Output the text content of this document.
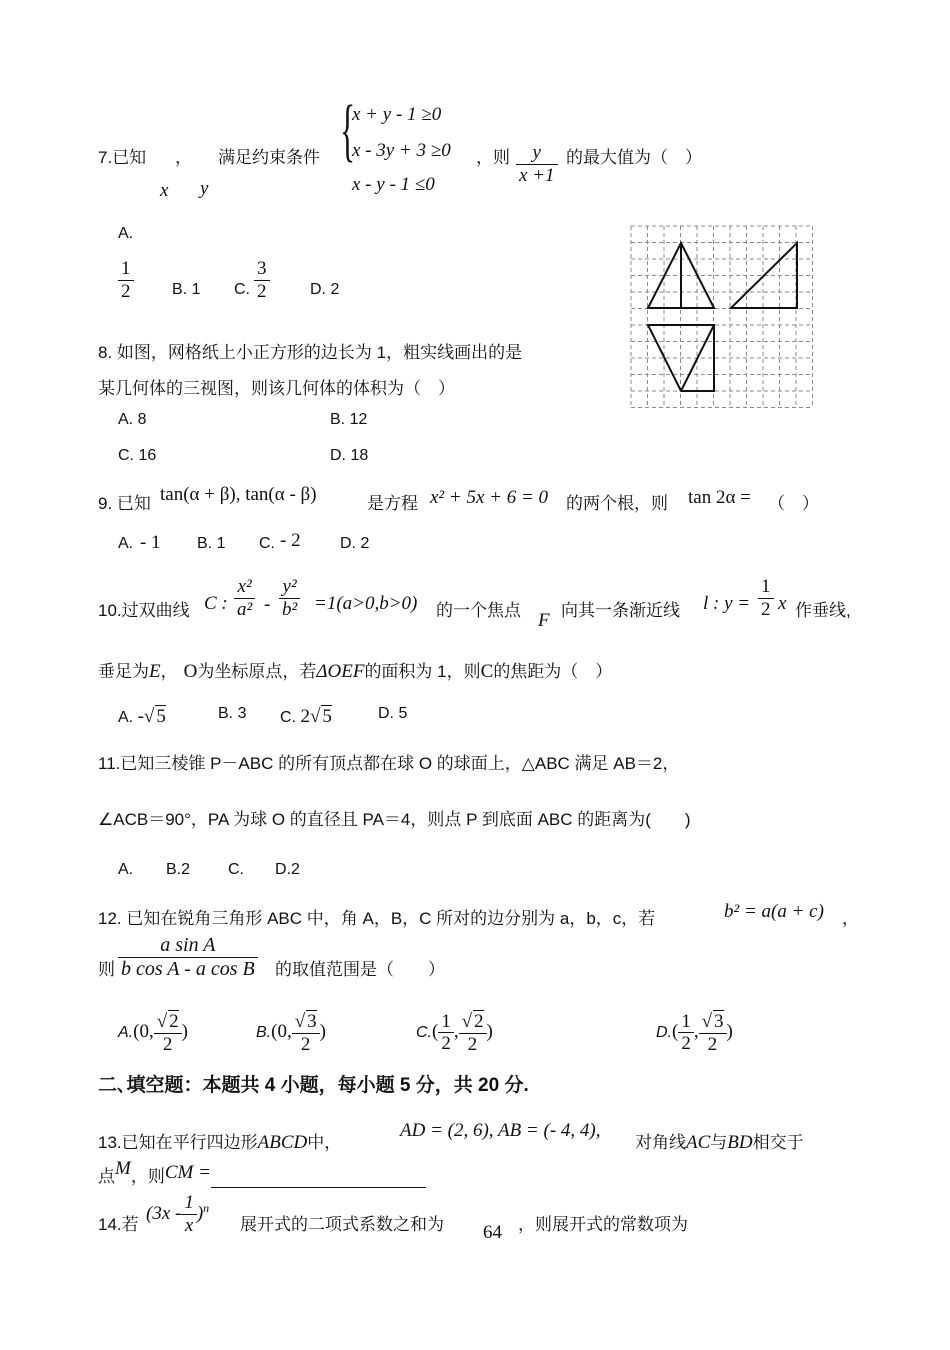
7.已知 ，
x y
满足约束条件 {
x + y - 1 ≥0
x - 3y + 3 ≥0
x - y - 1 ≤0
，则 $\frac{y}{x +1}$ 的最大值为（　）
A.
$\frac{1}{2} B$. 1 C. $\frac{3}{2}$	D. 2
8. 如图，网格纸上小正方形的边长为 1，粗实线画出的是
某几何体的三视图，则该几何体的体积为（　）
A. 8	B. 12
C. 16	D. 18
9. 已知 tan(α + β), tan(α - β)	是方程 x² + 5x + 6 = 0 的两个根，则 tan 2α = （　）
A. - 1 B. 1 C. - 2 D. 2
10.过双曲线 C : $\frac{\text{x²}}{\text{a²}} - \frac{\text{y²}}{\text{b²}} =1(a>0,b>0)$ 的一个焦点 F 向其一条渐近线 l : $y = \frac{1}{2}$ x 作垂线,
垂足为E， O为坐标原点，若ΔOEF的面积为 1，则C的焦距为（　）
A. -√ 5	B. 3 C. 2√ 5	D. 5
11.已知三棱锥 P－ABC 的所有顶点都在球 O 的球面上，△ABC 满足 AB＝2，
∠ACB＝90°，PA 为球 O 的直径且 PA＝4，则点 P 到底面 ABC 的距离为(　　)
A. B.2 C. D.2
12. 已知在锐角三角形 ABC 中，角 A，B，C 所对的边分别为 a，b，c，若	b² = a(a + c) ，
则 $\frac{\text{a sin A}}{\text{b cos A - a cos B}}$ 的取值范围是（　　）
A.(0, $\frac{√ 2}{2}$ )	B.(0, $\frac{√ 3}{2}$ )	$C.( \frac{1}{2}$ , $\frac{√ 2}{2}$ )	$D.( \frac{1}{2}$ , $\frac{√ 3}{2}$ )
二､填空题：本题共 4 小题，每小题 5 分，共 20 分.
13.已知在平行四边形ABCD中，
AD = (2, 6), AB = (- 4, 4),
对角线AC与BD相交于
点M，则CM =
14.若
$(3x - \frac{1}{x} )^n$
展开式的二项式系数之和为 64 ，则展开式的常数项为
